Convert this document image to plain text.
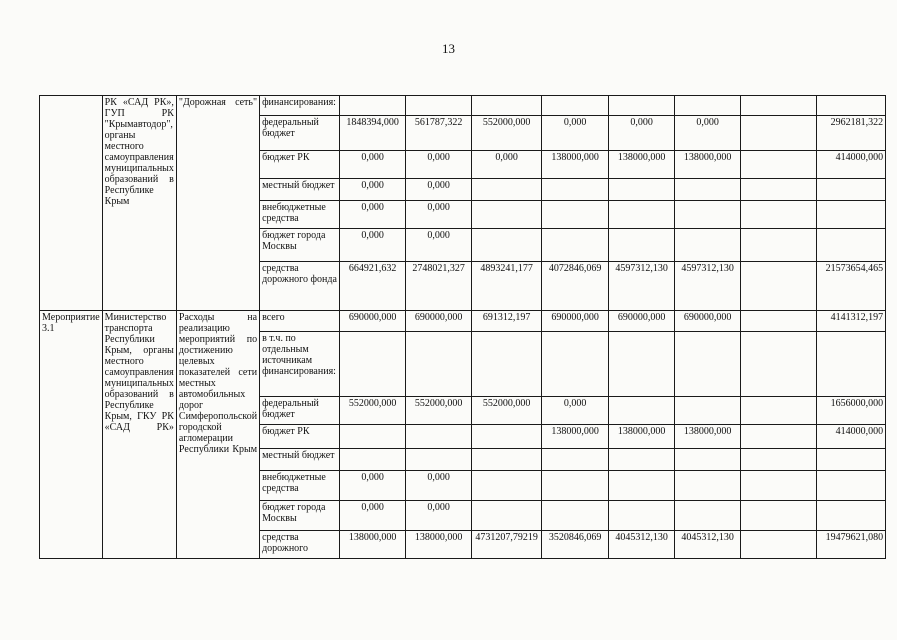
13
	РК «САД РК», ГУП РК "Крымавтодор", органы местного самоуправления муниципальных образований в Республике Крым	"Дорожная сеть"	финансирования:								
			федеральный бюджет	1848394,000	561787,322	552000,000	0,000	0,000	0,000		2962181,322
			бюджет РК	0,000	0,000	0,000	138000,000	138000,000	138000,000		414000,000
			местный бюджет	0,000	0,000						
			внебюджетные средства	0,000	0,000						
			бюджет города Москвы	0,000	0,000						
			средства дорожного фонда	664921,632	2748021,327	4893241,177	4072846,069	4597312,130	4597312,130		21573654,465
Мероприятие 3.1	Министерство транспорта Республики Крым, органы местного самоуправления муниципальных образований в Республике Крым, ГКУ РК «САД РК»	Расходы на реализацию мероприятий по достижению целевых показателей сети местных автомобильных дорог Симферопольской городской агломерации Республики Крым	всего	690000,000	690000,000	691312,197	690000,000	690000,000	690000,000		4141312,197
			в т.ч. по отдельным источникам финансирования:								
			федеральный бюджет	552000,000	552000,000	552000,000	0,000				1656000,000
			бюджет РК				138000,000	138000,000	138000,000		414000,000
			местный бюджет								
			внебюджетные средства	0,000	0,000						
			бюджет города Москвы	0,000	0,000						
			средства дорожного	138000,000	138000,000	4731207,79219	3520846,069	4045312,130	4045312,130		19479621,080
